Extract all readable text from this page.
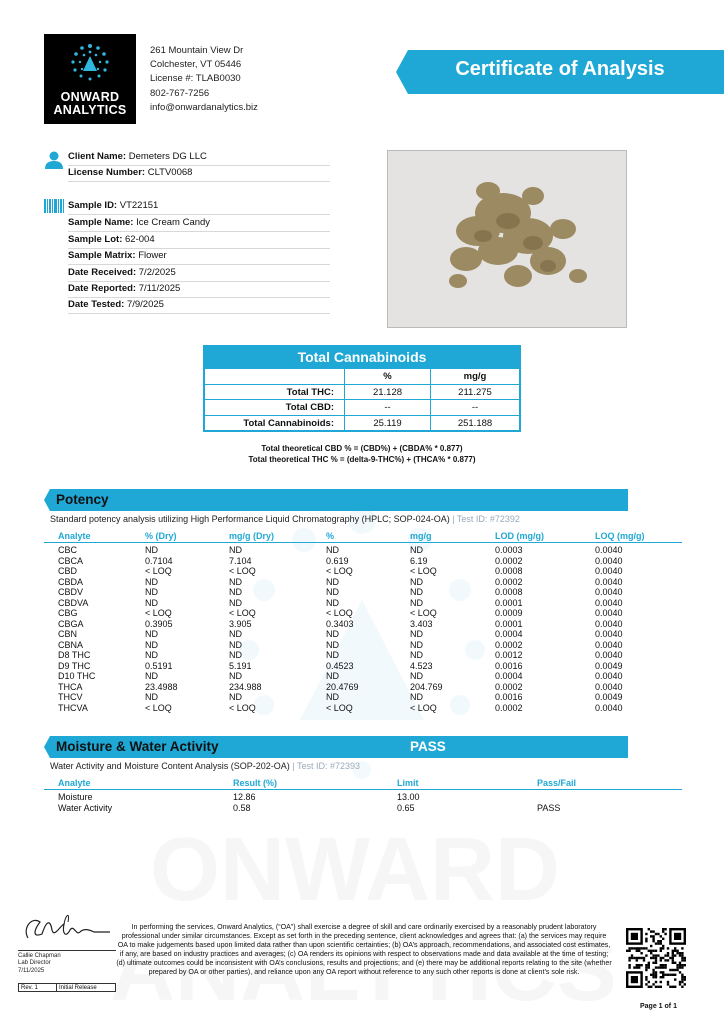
ONWARD
ANALYTICS
261 Mountain View Dr
Colchester, VT 05446
License #: TLAB0030
802-767-7256
info@onwardanalytics.biz
Certificate of Analysis
Client Name: Demeters DG LLC
License Number: CLTV0068
Sample ID: VT22151
Sample Name: Ice Cream Candy
Sample Lot: 62-004
Sample Matrix: Flower
Date Received: 7/2/2025
Date Reported: 7/11/2025
Date Tested: 7/9/2025
Total Cannabinoids
%	mg/g
Total THC:	21.128	211.275
Total CBD:	--	--
Total Cannabinoids:	25.119	251.188
Total theoretical CBD % = (CBD%) + (CBDA% * 0.877)
Total theoretical THC % = (delta-9-THC%) + (THCA% * 0.877)
Potency
Standard potency analysis utilizing High Performance Liquid Chromatography (HPLC; SOP-024-OA) | Test ID: #72392
Analyte	% (Dry)	mg/g (Dry)	%	mg/g	LOD (mg/g)	LOQ (mg/g)
CBC	ND	ND	ND	ND	0.0003	0.0040
CBCA	0.7104	7.104	0.619	6.19	0.0002	0.0040
CBD	< LOQ	< LOQ	< LOQ	< LOQ	0.0008	0.0040
CBDA	ND	ND	ND	ND	0.0002	0.0040
CBDV	ND	ND	ND	ND	0.0008	0.0040
CBDVA	ND	ND	ND	ND	0.0001	0.0040
CBG	< LOQ	< LOQ	< LOQ	< LOQ	0.0009	0.0040
CBGA	0.3905	3.905	0.3403	3.403	0.0001	0.0040
CBN	ND	ND	ND	ND	0.0004	0.0040
CBNA	ND	ND	ND	ND	0.0002	0.0040
D8 THC	ND	ND	ND	ND	0.0012	0.0040
D9 THC	0.5191	5.191	0.4523	4.523	0.0016	0.0049
D10 THC	ND	ND	ND	ND	0.0004	0.0040
THCA	23.4988	234.988	20.4769	204.769	0.0002	0.0040
THCV	ND	ND	ND	ND	0.0016	0.0049
THCVA	< LOQ	< LOQ	< LOQ	< LOQ	0.0002	0.0040
Moisture & Water Activity	PASS
Water Activity and Moisture Content Analysis (SOP-202-OA) | Test ID: #72393
Analyte	Result (%)	Limit	Pass/Fail
Moisture	12.86	13.00
Water Activity	0.58	0.65	PASS
Callie Chapman
Lab Director
7/11/2025
Rev. 1	Initial Release
In performing the services, Onward Analytics, (“OA”) shall exercise a degree of skill and care ordinarily exercised by a reasonably prudent laboratory professional under similar circumstances. Except as set forth in the preceding sentence, client acknowledges and agrees that: (a) the services may require OA to make judgements based upon limited data rather than upon scientific certainties; (b) OA’s approach, recommendations, and associated cost estimates, if any, are based on industry practices and averages; (c) OA renders its opinions with respect to observations made and data available at the time of testing; (d) ultimate outcomes could be inconsistent with OA’s conclusions, results and projections; and (e) there may be additional reports relating to the site (whether prepared by OA or other parties), and reliance upon any OA report without reference to any such other reports is done at client’s sole risk.
Page 1 of 1
